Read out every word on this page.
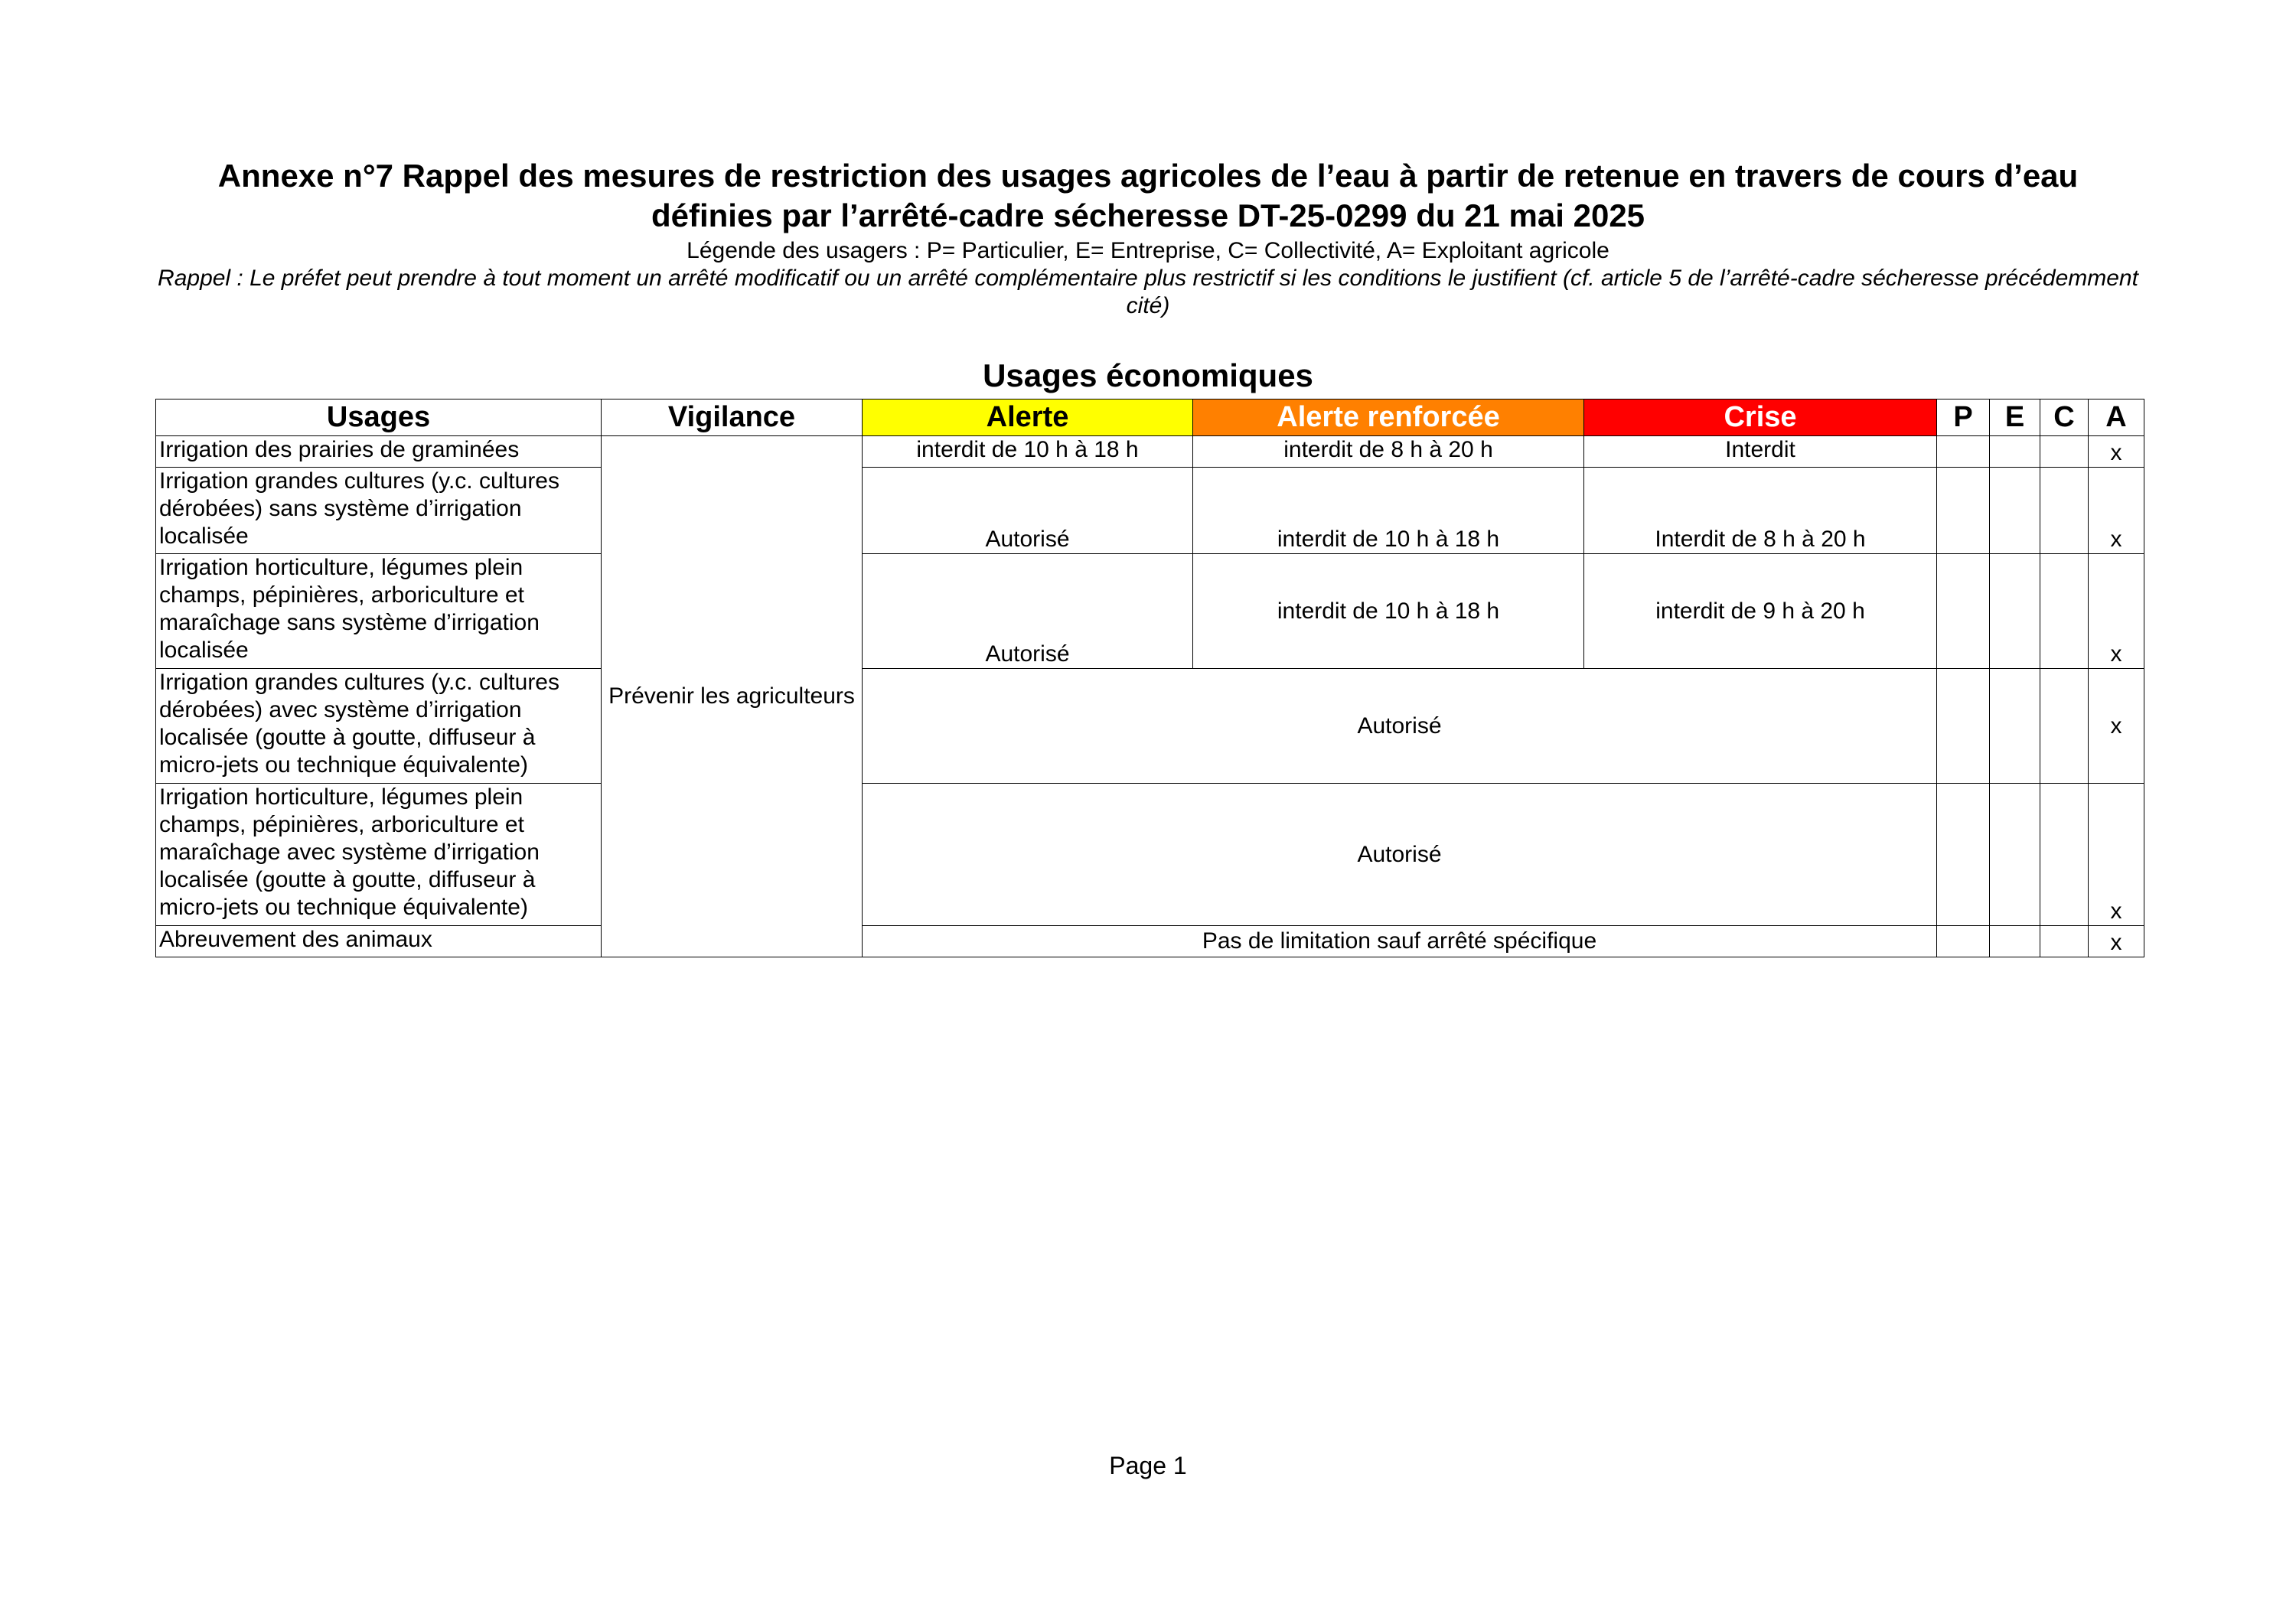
Annexe n°7 Rappel des mesures de restriction des usages agricoles de l’eau à partir de retenue en travers de cours d’eau définies par l’arrêté-cadre sécheresse DT-25-0299 du 21 mai 2025
Légende des usagers : P= Particulier, E= Entreprise, C= Collectivité, A= Exploitant agricole
Rappel : Le préfet peut prendre à tout moment un arrêté modificatif ou un arrêté complémentaire plus restrictif si les conditions le justifient (cf. article 5 de l’arrêté-cadre sécheresse précédemment cité)
Usages économiques
Usages	Vigilance	Alerte	Alerte renforcée	Crise	P	E	C	A
Irrigation des prairies de graminées	Prévenir les agriculteurs	interdit de 10 h à 18 h	interdit de 8 h à 20 h	Interdit				x
Irrigation grandes cultures (y.c. cultures dérobées) sans système d’irrigation localisée		Autorisé	interdit de 10 h à 18 h	Interdit de 8 h à 20 h				x
Irrigation horticulture, légumes plein champs, pépinières, arboriculture et maraîchage sans système d’irrigation localisée		Autorisé	interdit de 10 h à 18 h	interdit de 9 h à 20 h				x
Irrigation grandes cultures (y.c. cultures dérobées) avec système d’irrigation localisée (goutte à goutte, diffuseur à micro-jets ou technique équivalente)		Autorisé						x
Irrigation horticulture, légumes plein champs, pépinières, arboriculture et maraîchage avec système d’irrigation localisée (goutte à goutte, diffuseur à micro-jets ou technique équivalente)		Autorisé						x
Abreuvement des animaux		Pas de limitation sauf arrêté spécifique						x
Page 1
